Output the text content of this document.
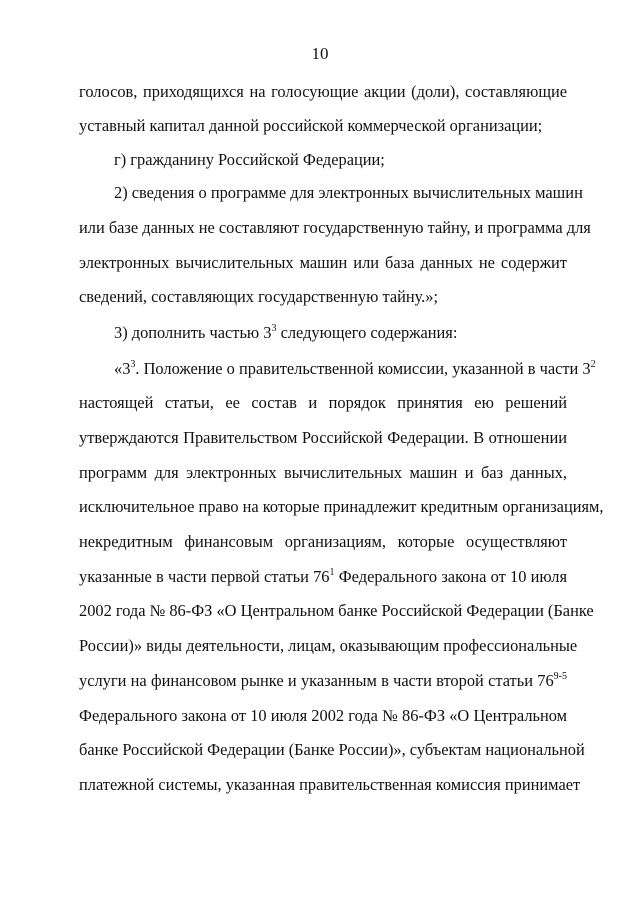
10
голосов, приходящихся на голосующие акции (доли), составляющие
уставный капитал данной российской коммерческой организации;
г) гражданину Российской Федерации;
2) сведения о программе для электронных вычислительных машин
или базе данных не составляют государственную тайну, и программа для
электронных вычислительных машин или база данных не содержит
сведений, составляющих государственную тайну.»;
3) дополнить частью $3^3$ следующего содержания:
«$3^3$. Положение о правительственной комиссии, указанной в части $3^2$
настоящей статьи, ее состав и порядок принятия ею решений
утверждаются Правительством Российской Федерации. В отношении
программ для электронных вычислительных машин и баз данных,
исключительное право на которые принадлежит кредитным организациям,
некредитным финансовым организациям, которые осуществляют
указанные в части первой статьи $76^1$ Федерального закона от 10 июля
2002 года № 86-ФЗ «О Центральном банке Российской Федерации (Банке
России)» виды деятельности, лицам, оказывающим профессиональные
услуги на финансовом рынке и указанным в части второй статьи 76$^{9-5}$
Федерального закона от 10 июля 2002 года № 86-ФЗ «О Центральном
банке Российской Федерации (Банке России)», субъектам национальной
платежной системы, указанная правительственная комиссия принимает
